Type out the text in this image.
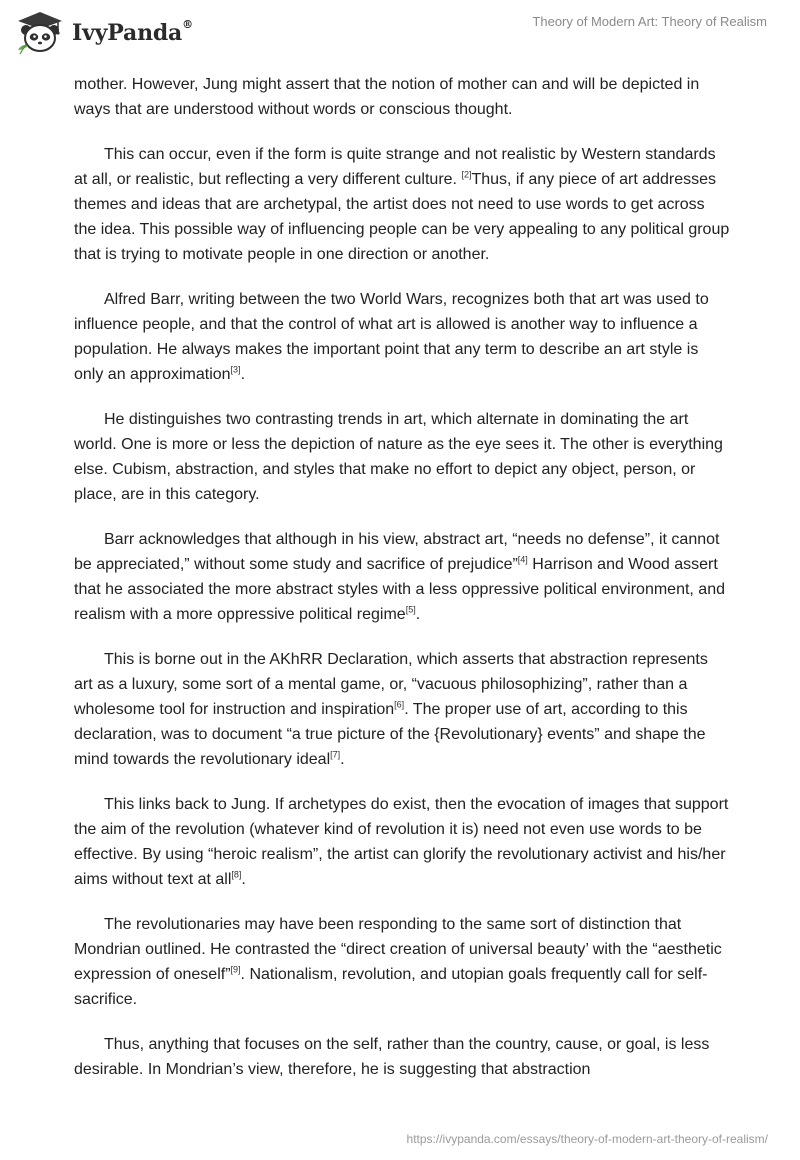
IvyPanda®	Theory of Modern Art: Theory of Realism

mother. However, Jung might assert that the notion of mother can and will be depicted in ways that are understood without words or conscious thought.

This can occur, even if the form is quite strange and not realistic by Western standards at all, or realistic, but reflecting a very different culture. [2]Thus, if any piece of art addresses themes and ideas that are archetypal, the artist does not need to use words to get across the idea. This possible way of influencing people can be very appealing to any political group that is trying to motivate people in one direction or another.

Alfred Barr, writing between the two World Wars, recognizes both that art was used to influence people, and that the control of what art is allowed is another way to influence a population. He always makes the important point that any term to describe an art style is only an approximation[3].

He distinguishes two contrasting trends in art, which alternate in dominating the art world. One is more or less the depiction of nature as the eye sees it. The other is everything else. Cubism, abstraction, and styles that make no effort to depict any object, person, or place, are in this category.

Barr acknowledges that although in his view, abstract art, “needs no defense”, it cannot be appreciated,” without some study and sacrifice of prejudice”[4] Harrison and Wood assert that he associated the more abstract styles with a less oppressive political environment, and realism with a more oppressive political regime[5].

This is borne out in the AKhRR Declaration, which asserts that abstraction represents art as a luxury, some sort of a mental game, or, “vacuous philosophizing”, rather than a wholesome tool for instruction and inspiration[6]. The proper use of art, according to this declaration, was to document “a true picture of the {Revolutionary} events” and shape the mind towards the revolutionary ideal[7].

This links back to Jung. If archetypes do exist, then the evocation of images that support the aim of the revolution (whatever kind of revolution it is) need not even use words to be effective. By using “heroic realism”, the artist can glorify the revolutionary activist and his/her aims without text at all[8].

The revolutionaries may have been responding to the same sort of distinction that Mondrian outlined. He contrasted the “direct creation of universal beauty’ with the “aesthetic expression of oneself”[9]. Nationalism, revolution, and utopian goals frequently call for self-sacrifice.

Thus, anything that focuses on the self, rather than the country, cause, or goal, is less desirable. In Mondrian’s view, therefore, he is suggesting that abstraction

https://ivypanda.com/essays/theory-of-modern-art-theory-of-realism/
